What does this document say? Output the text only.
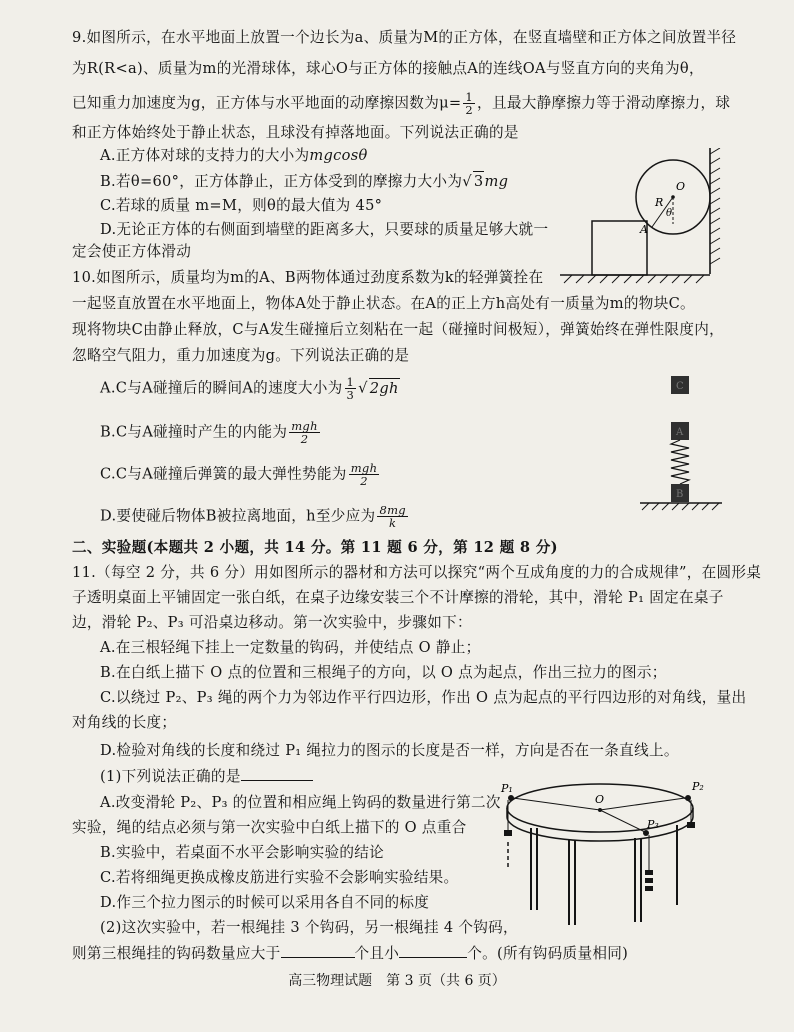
9.如图所示，在水平地面上放置一个边长为a、质量为M的正方体，在竖直墙壁和正方体之间放置半径
为R(R<a)、质量为m的光滑球体，球心O与正方体的接触点A的连线OA与竖直方向的夹角为θ，
已知重力加速度为g，正方体与水平地面的动摩擦因数为$\mu= \frac{1}{2}$ ，且最大静摩擦力等于滑动摩擦力，球
和正方体始终处于静止状态，且球没有掉落地面。下列说法正确的是
A.正方体对球的支持力的大小为mgcosθ
B.若θ=60°，正方体静止，正方体受到的摩擦力大小为√ 3mg
C.若球的质量 m=M，则θ的最大值为 45°
D.无论正方体的右侧面到墙壁的距离多大，只要球的质量足够大就一
定会使正方体滑动
O
R
θ
A
10.如图所示，质量均为m的A、B两物体通过劲度系数为k的轻弹簧拴在
一起竖直放置在水平地面上，物体A处于静止状态。在A的正上方h高处有一质量为m的物块C。
现将物块C由静止释放，C与A发生碰撞后立刻粘在一起（碰撞时间极短），弹簧始终在弹性限度内，
忽略空气阻力，重力加速度为g。下列说法正确的是
A.C与A碰撞后的瞬间A的速度大小为 $\frac{1}{3}$ √ 2gh
B.C与A碰撞时产生的内能为 $\frac{\text{mgh}}{2}$
C.C与A碰撞后弹簧的最大弹性势能为 $\frac{\text{mgh}}{2}$
D.要使碰后物体B被拉离地面，h至少应为 $\frac{8mg}{k}$
C
A
B
二、实验题(本题共 2 小题，共 14 分。第 11 题 6 分，第 12 题 8 分)
11.（每空 2 分，共 6 分）用如图所示的器材和方法可以探究“两个互成角度的力的合成规律”，在圆形桌
子透明桌面上平铺固定一张白纸，在桌子边缘安装三个不计摩擦的滑轮，其中，滑轮 P₁ 固定在桌子
边，滑轮 P₂、P₃ 可沿桌边移动。第一次实验中，步骤如下：
A.在三根轻绳下挂上一定数量的钩码，并使结点 O 静止；
B.在白纸上描下 O 点的位置和三根绳子的方向，以 O 点为起点，作出三拉力的图示；
C.以绕过 P₂、P₃ 绳的两个力为邻边作平行四边形，作出 O 点为起点的平行四边形的对角线，量出
对角线的长度；
D.检验对角线的长度和绕过 P₁ 绳拉力的图示的长度是否一样，方向是否在一条直线上。
(1)下列说法正确的是
A.改变滑轮 P₂、P₃ 的位置和相应绳上钩码的数量进行第二次
实验，绳的结点必须与第一次实验中白纸上描下的 O 点重合
B.实验中，若桌面不水平会影响实验的结论
C.若将细绳更换成橡皮筋进行实验不会影响实验结果。
D.作三个拉力图示的时候可以采用各自不同的标度
(2)这次实验中，若一根绳挂 3 个钩码，另一根绳挂 4 个钩码，
则第三根绳挂的钩码数量应大于	个且小	个。(所有钩码质量相同)
P₁	P₂
P₃
O
高三物理试题　第 3 页（共 6 页）
